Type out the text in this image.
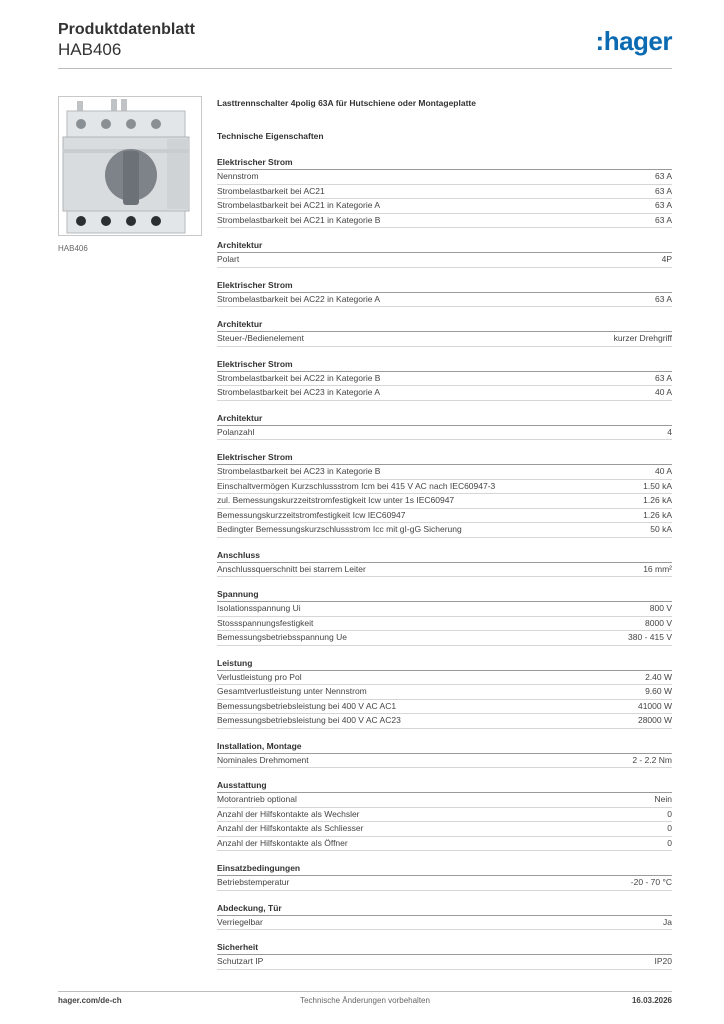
Produktdatenblatt
HAB406	:hager
HAB406
Lasttrennschalter 4polig 63A für Hutschiene oder Montageplatte
Technische Eigenschaften
Elektrischer Strom
Nennstrom	63 A
Strombelastbarkeit bei AC21	63 A
Strombelastbarkeit bei AC21 in Kategorie A	63 A
Strombelastbarkeit bei AC21 in Kategorie B	63 A
Architektur
Polart	4P
Elektrischer Strom
Strombelastbarkeit bei AC22 in Kategorie A	63 A
Architektur
Steuer-/Bedienelement	kurzer Drehgriff
Elektrischer Strom
Strombelastbarkeit bei AC22 in Kategorie B	63 A
Strombelastbarkeit bei AC23 in Kategorie A	40 A
Architektur
Polanzahl	4
Elektrischer Strom
Strombelastbarkeit bei AC23 in Kategorie B	40 A
Einschaltvermögen Kurzschlussstrom Icm bei 415 V AC nach IEC60947-3	1.50 kA
zul. Bemessungskurzzeitstromfestigkeit Icw unter 1s IEC60947	1.26 kA
Bemessungskurzzeitstromfestigkeit Icw IEC60947	1.26 kA
Bedingter Bemessungskurzschlussstrom Icc mit gI-gG Sicherung	50 kA
Anschluss
Anschlussquerschnitt bei starrem Leiter	16 mm²
Spannung
Isolationsspannung Ui	800 V
Stossspannungsfestigkeit	8000 V
Bemessungsbetriebsspannung Ue	380 - 415 V
Leistung
Verlustleistung pro Pol	2.40 W
Gesamtverlustleistung unter Nennstrom	9.60 W
Bemessungsbetriebsleistung bei 400 V AC AC1	41000 W
Bemessungsbetriebsleistung bei 400 V AC AC23	28000 W
Installation, Montage
Nominales Drehmoment	2 - 2.2 Nm
Ausstattung
Motorantrieb optional	Nein
Anzahl der Hilfskontakte als Wechsler	0
Anzahl der Hilfskontakte als Schliesser	0
Anzahl der Hilfskontakte als Öffner	0
Einsatzbedingungen
Betriebstemperatur	-20 - 70 °C
Abdeckung, Tür
Verriegelbar	Ja
Sicherheit
Schutzart IP	IP20
hager.com/de-ch	Technische Änderungen vorbehalten	16.03.2026
